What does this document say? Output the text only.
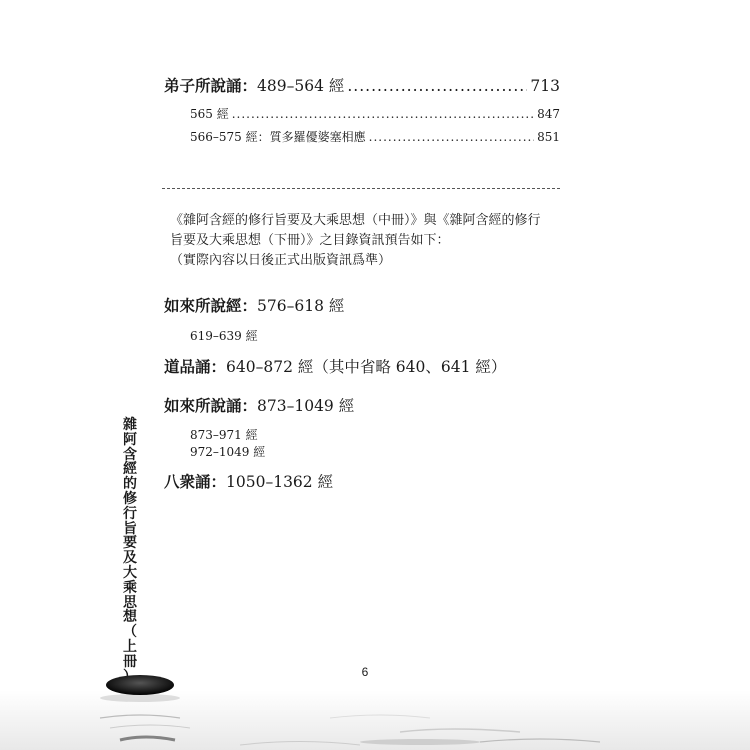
弟子所說誦： 489–564 經 .....	713
565 經 .....	847
566–575 經：質多羅優婆塞相應 .....	851
《雜阿含經的修行旨要及大乘思想（中冊）》與《雜阿含經的修行
旨要及大乘思想（下冊）》之目錄資訊預告如下：
（實際內容以日後正式出版資訊爲準）
如來所說經：576–618 經
619–639 經
道品誦：640–872 經（其中省略 640、641 經）
如來所說誦：873–1049 經
873–971 經
972–1049 經
八衆誦：1050–1362 經
雜
阿
含
經
的
修
行
旨
要
及
大
乘
思
想
（
上
冊
6
